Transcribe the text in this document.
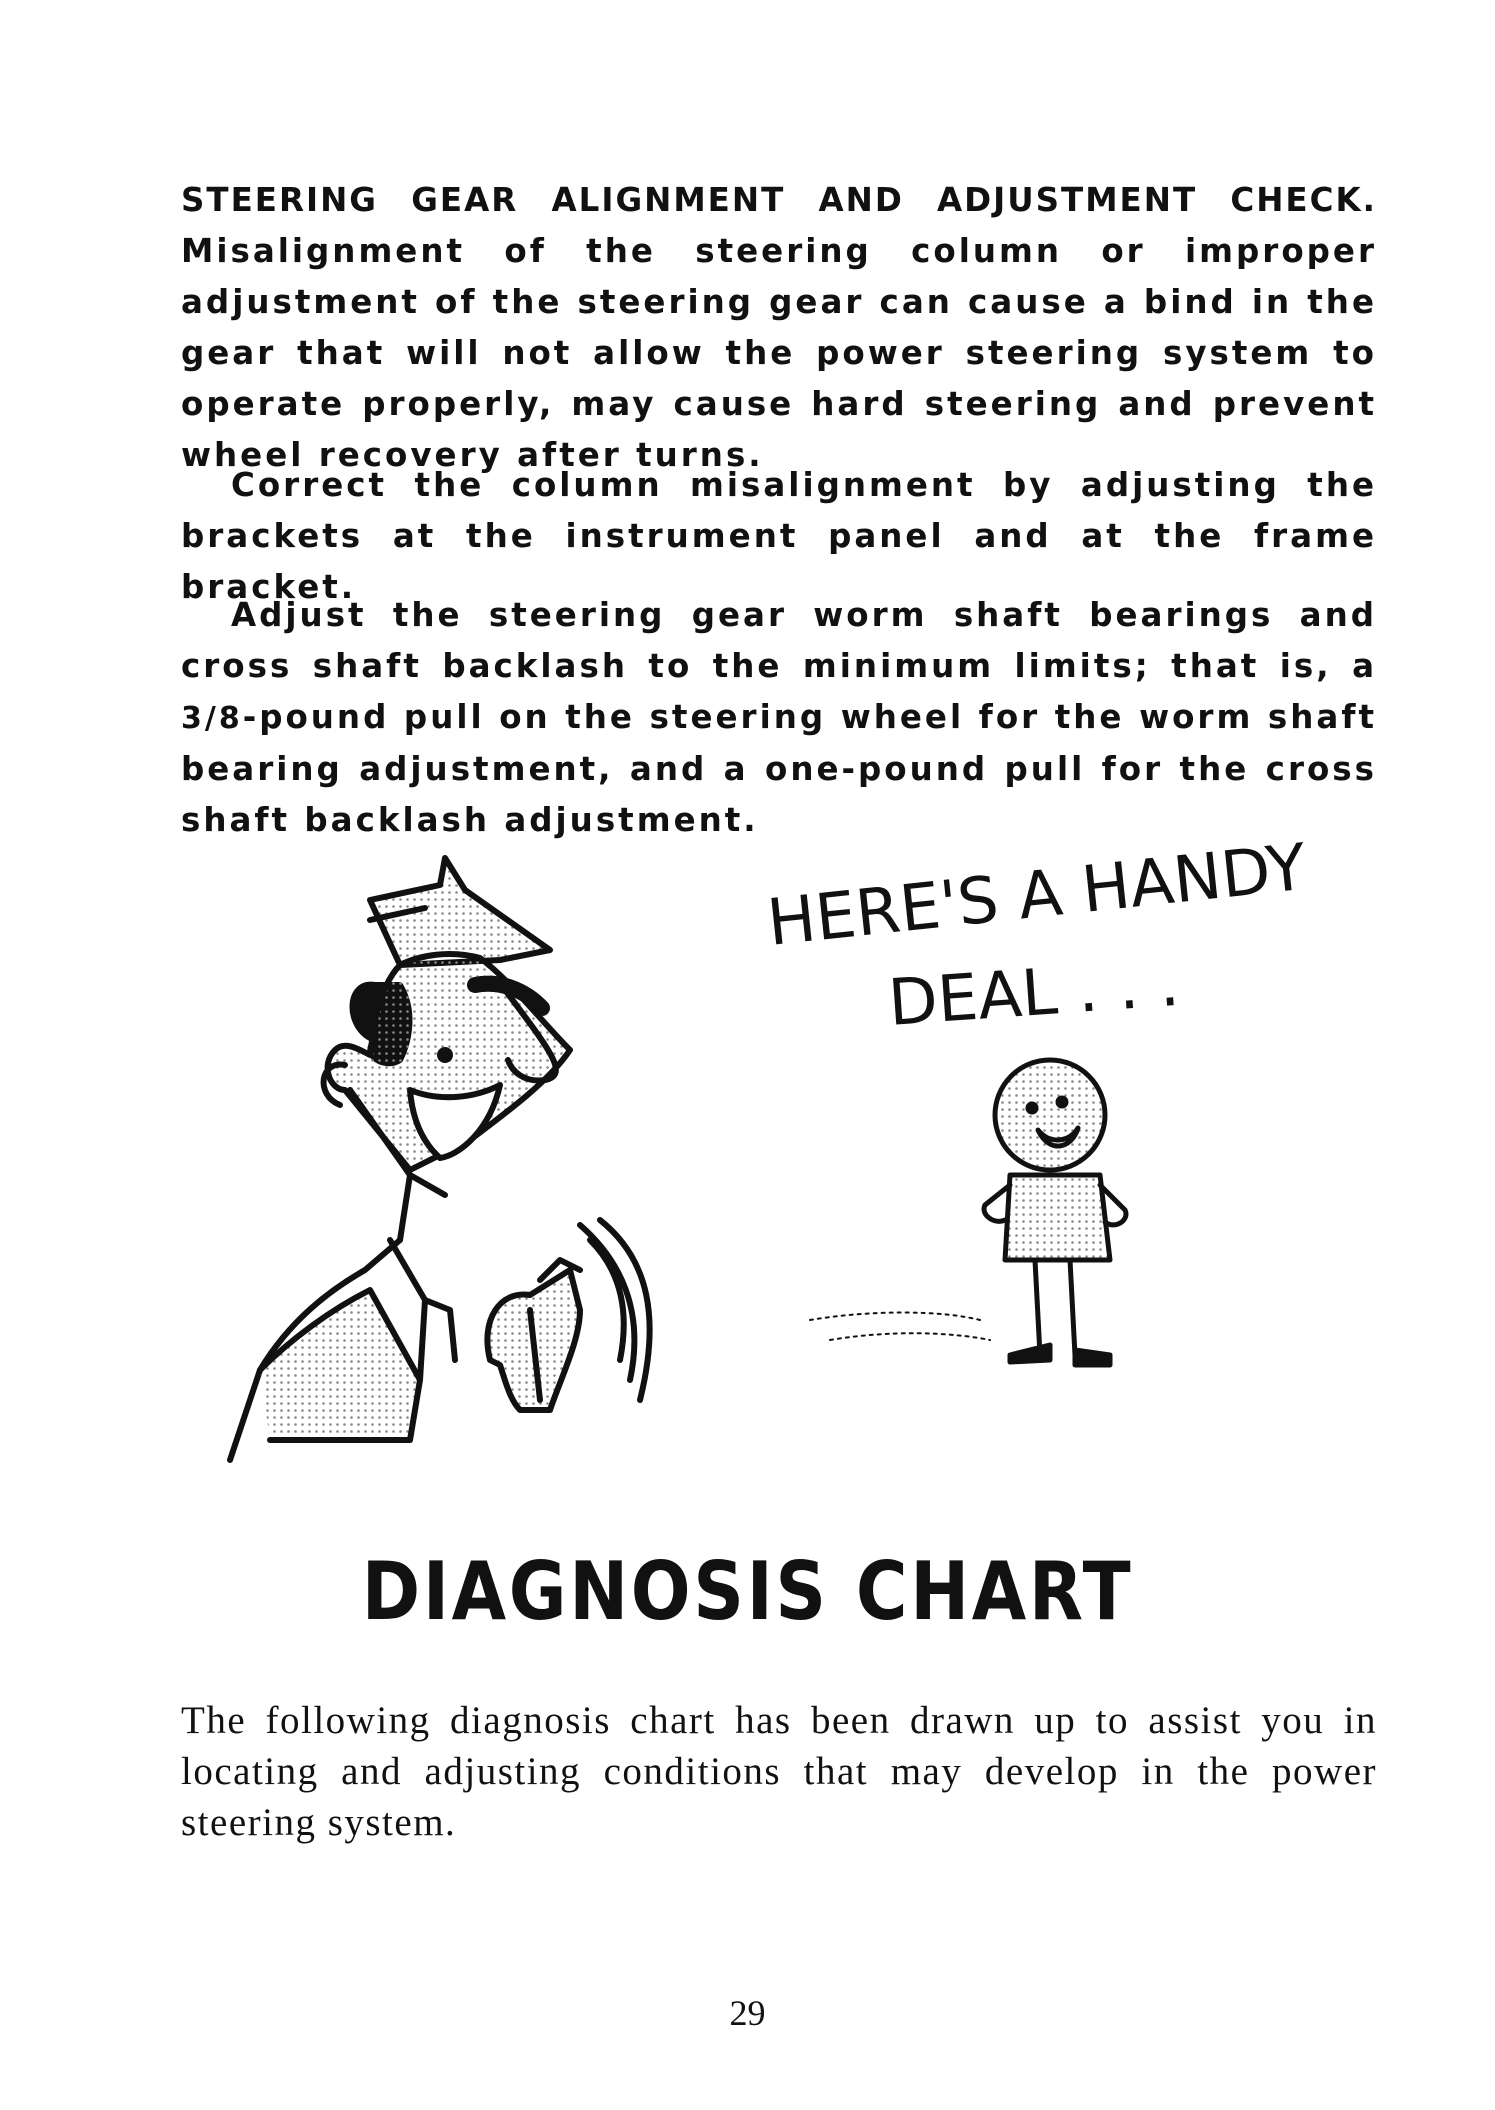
STEERING GEAR ALIGNMENT AND ADJUSTMENT CHECK. Misalignment of the steering column or improper adjustment of the steering gear can cause a bind in the gear that will not allow the power steering system to operate properly, may cause hard steering and prevent wheel recovery after turns.

Correct the column misalignment by adjusting the brackets at the instrument panel and at the frame bracket.

Adjust the steering gear worm shaft bearings and cross shaft backlash to the minimum limits; that is, a 3/8-pound pull on the steering wheel for the worm shaft bearing adjustment, and a one-pound pull for the cross shaft backlash adjustment.

HERE'S A HANDY
DEAL . . .
DIAGNOSIS CHART

The following diagnosis chart has been drawn up to assist you in locating and adjusting conditions that may develop in the power steering system.

29
